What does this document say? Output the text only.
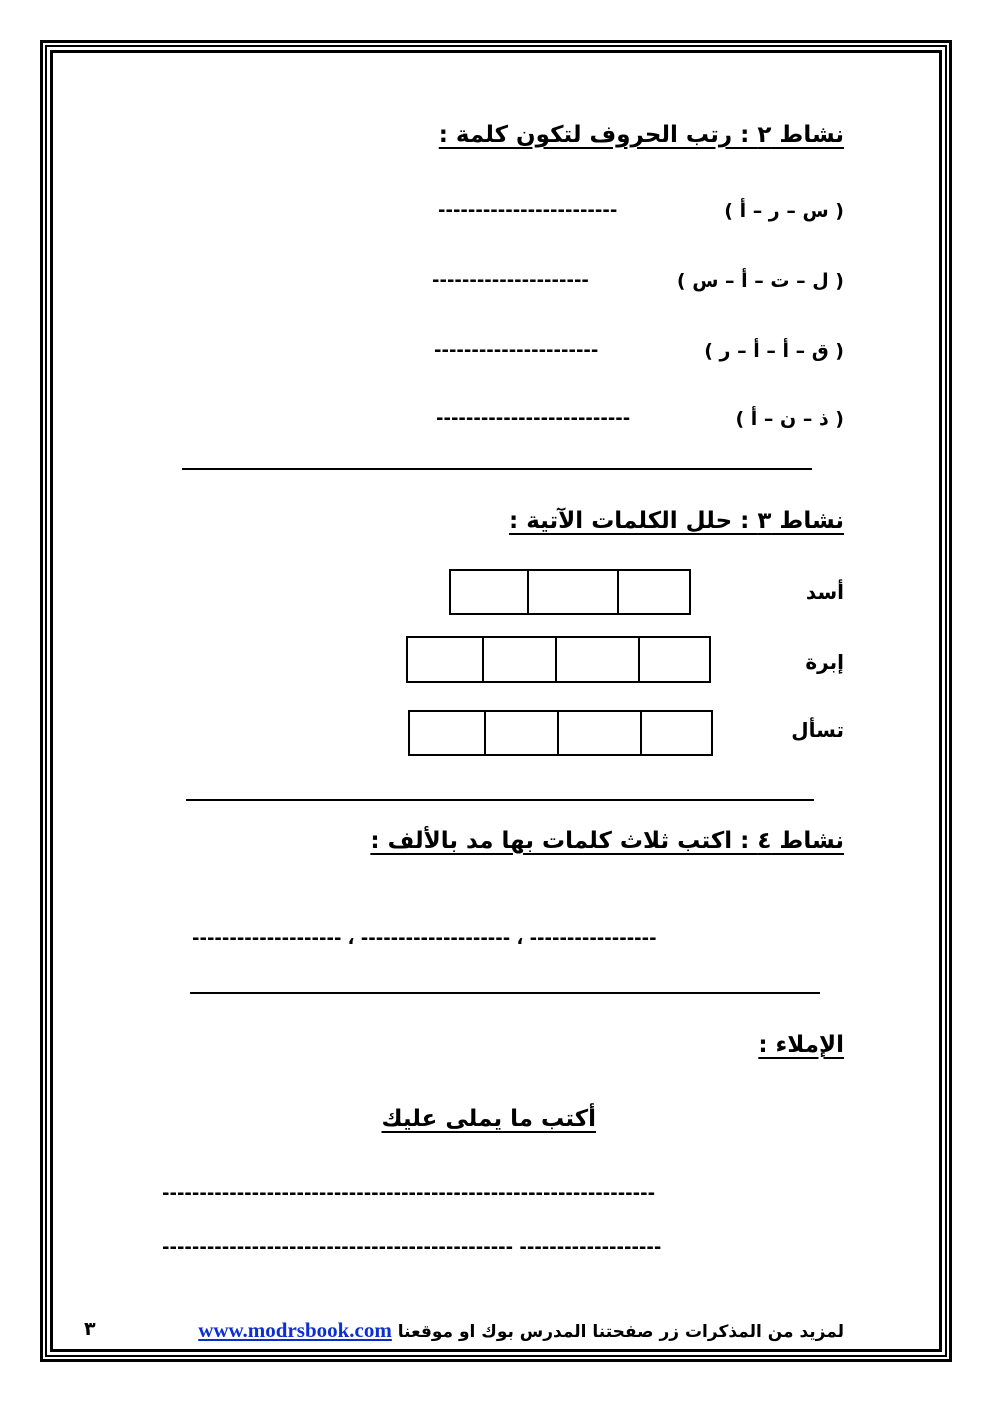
نشاط ٢ : رتب الحروف لتكون كلمة :
( س – ر – أ )
------------------------
( ل – ت – أ – س )
---------------------
( ق – أ – أ – ر )
----------------------
( ذ – ن – أ )
--------------------------
نشاط ٣ : حلل الكلمات الآتية :
أسد
إبرة
تسأل
نشاط ٤ : اكتب ثلاث كلمات بها مد بالألف :
-------------------- ، -------------------- ، -----------------
الإملاء :
أكتب ما يملى عليك
------------------------------------------------------------------
----------------------------------------------- -------------------
لمزيد من المذكرات زر صفحتنا المدرس بوك او موقعنا www.modrsbook.com
٣
